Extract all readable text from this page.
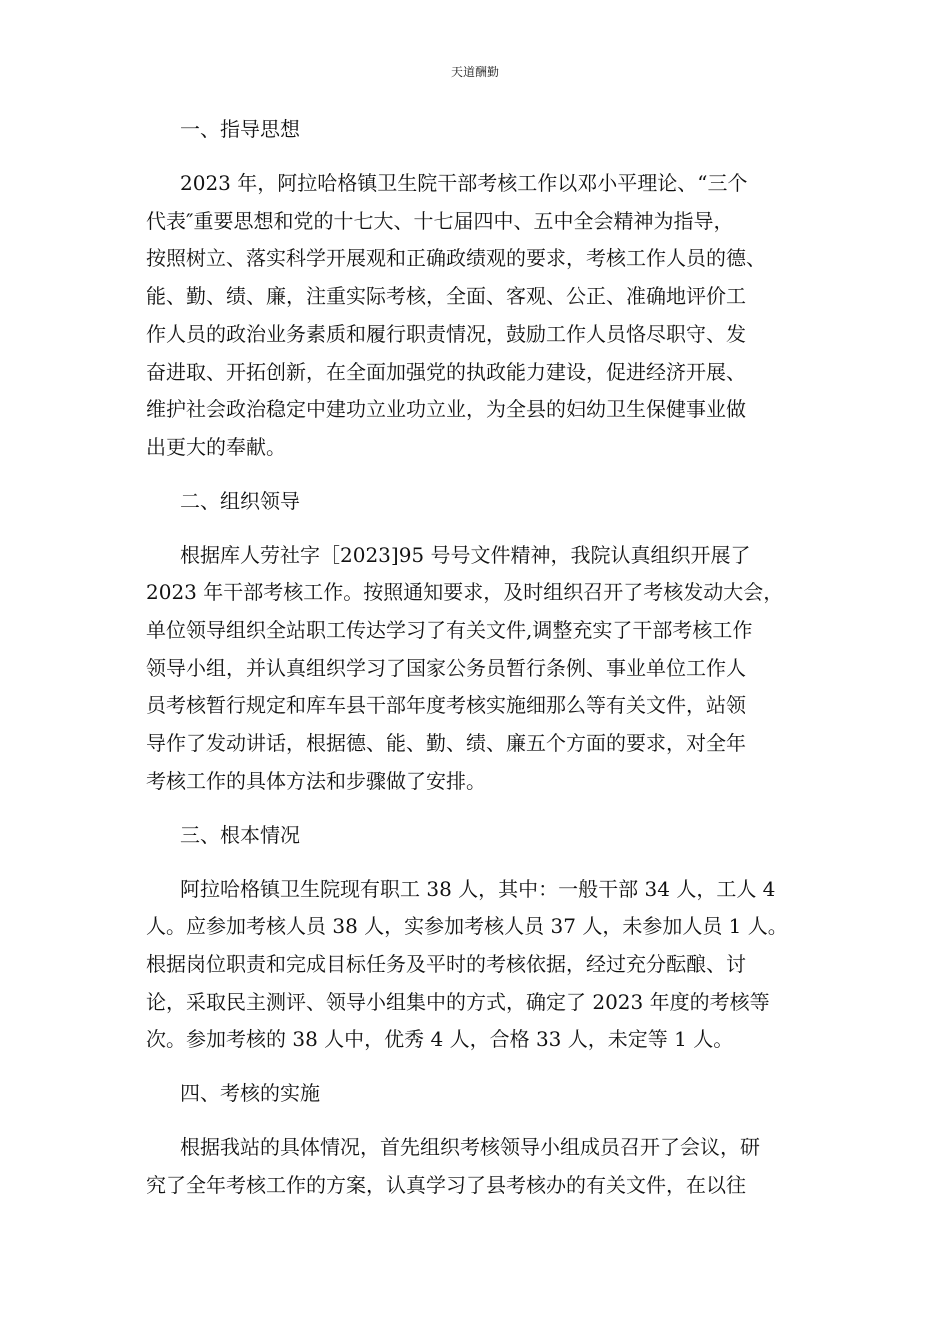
天道酬勤
一、指导思想

2023 年，阿拉哈格镇卫生院干部考核工作以邓小平理论、“三个
代表″重要思想和党的十七大、十七届四中、五中全会精神为指导，
按照树立、落实科学开展观和正确政绩观的要求，考核工作人员的德、
能、勤、绩、廉，注重实际考核，全面、客观、公正、准确地评价工
作人员的政治业务素质和履行职责情况，鼓励工作人员恪尽职守、发
奋进取、开拓创新，在全面加强党的执政能力建设，促进经济开展、
维护社会政治稳定中建功立业功立业，为全县的妇幼卫生保健事业做
出更大的奉献。

二、组织领导

根据库人劳社字［2023]95 号号文件精神，我院认真组织开展了
2023 年干部考核工作。按照通知要求，及时组织召开了考核发动大会，
单位领导组织全站职工传达学习了有关文件,调整充实了干部考核工作
领导小组，并认真组织学习了国家公务员暂行条例、事业单位工作人
员考核暂行规定和库车县干部年度考核实施细那么等有关文件，站领
导作了发动讲话，根据德、能、勤、绩、廉五个方面的要求，对全年
考核工作的具体方法和步骤做了安排。

三、根本情况

阿拉哈格镇卫生院现有职工 38 人，其中：一般干部 34 人，工人 4
人。应参加考核人员 38 人，实参加考核人员 37 人，未参加人员 1 人。
根据岗位职责和完成目标任务及平时的考核依据，经过充分酝酿、讨
论，采取民主测评、领导小组集中的方式，确定了 2023 年度的考核等
次。参加考核的 38 人中，优秀 4 人，合格 33 人，未定等 1 人。

四、考核的实施

根据我站的具体情况，首先组织考核领导小组成员召开了会议，研
究了全年考核工作的方案，认真学习了县考核办的有关文件，在以往
